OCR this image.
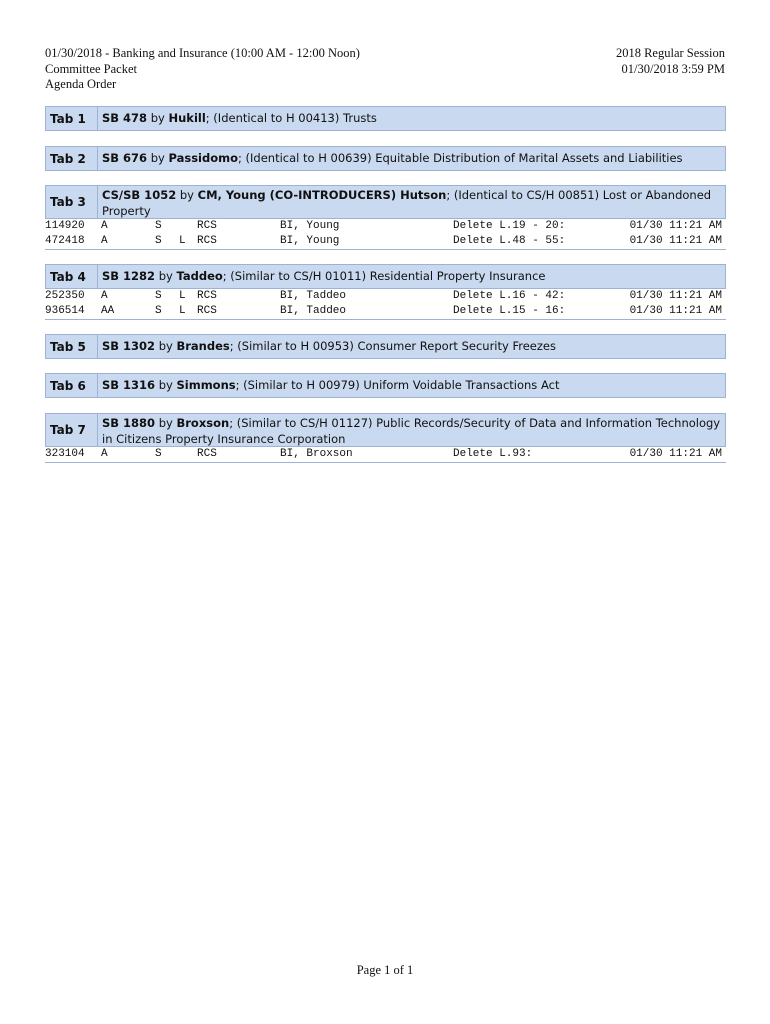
01/30/2018 - Banking and Insurance (10:00 AM - 12:00 Noon)
Committee Packet
Agenda Order
2018 Regular Session
01/30/2018 3:59 PM
Tab 1	SB 478 by Hukill; (Identical to H 00413) Trusts
Tab 2	SB 676 by Passidomo; (Identical to H 00639) Equitable Distribution of Marital Assets and Liabilities
Tab 3	CS/SB 1052 by CM, Young (CO-INTRODUCERS) Hutson; (Identical to CS/H 00851) Lost or Abandoned Property
114920 A	S	RCS	BI, Young	Delete L.19 - 20:	01/30 11:21 AM
472418 A	S L RCS	BI, Young	Delete L.48 - 55:	01/30 11:21 AM
Tab 4	SB 1282 by Taddeo; (Similar to CS/H 01011) Residential Property Insurance
252350 A	S L RCS	BI, Taddeo	Delete L.16 - 42:	01/30 11:21 AM
936514 AA	S L RCS	BI, Taddeo	Delete L.15 - 16:	01/30 11:21 AM
Tab 5	SB 1302 by Brandes; (Similar to H 00953) Consumer Report Security Freezes
Tab 6	SB 1316 by Simmons; (Similar to H 00979) Uniform Voidable Transactions Act
Tab 7	SB 1880 by Broxson; (Similar to CS/H 01127) Public Records/Security of Data and Information Technology in Citizens Property Insurance Corporation
323104 A	S	RCS	BI, Broxson	Delete L.93:	01/30 11:21 AM
Page 1 of 1
